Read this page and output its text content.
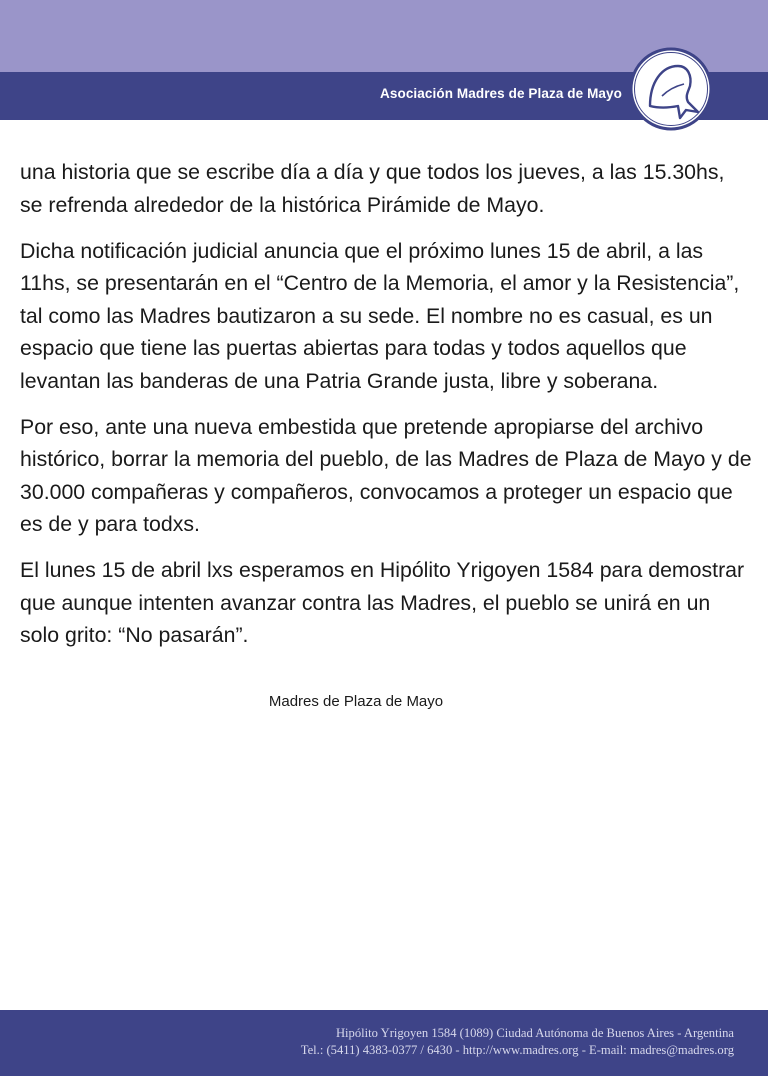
Asociación Madres de Plaza de Mayo

una historia que se escribe día a día y que todos los jueves, a las 15.30hs, se refrenda alrededor de la histórica Pirámide de Mayo.

Dicha notificación judicial anuncia que el próximo lunes 15 de abril, a las 11hs, se presentarán en el “Centro de la Memoria, el amor y la Resistencia”, tal como las Madres bautizaron a su sede. El nombre no es casual, es un espacio que tiene las puertas abiertas para todas y todos aquellos que levantan las banderas de una Patria Grande justa, libre y soberana.

Por eso, ante una nueva embestida que pretende apropiarse del archivo histórico, borrar la memoria del pueblo, de las Madres de Plaza de Mayo y de 30.000 compañeras y compañeros, convocamos a proteger un espacio que es de y para todxs.

El lunes 15 de abril lxs esperamos en Hipólito Yrigoyen 1584 para demostrar que aunque intenten avanzar contra las Madres, el pueblo se unirá en un solo grito: “No pasarán”.

Madres de Plaza de Mayo
Hipólito Yrigoyen 1584 (1089) Ciudad Autónoma de Buenos Aires - Argentina
Tel.: (5411) 4383-0377 / 6430 - http://www.madres.org - E-mail: madres@madres.org
